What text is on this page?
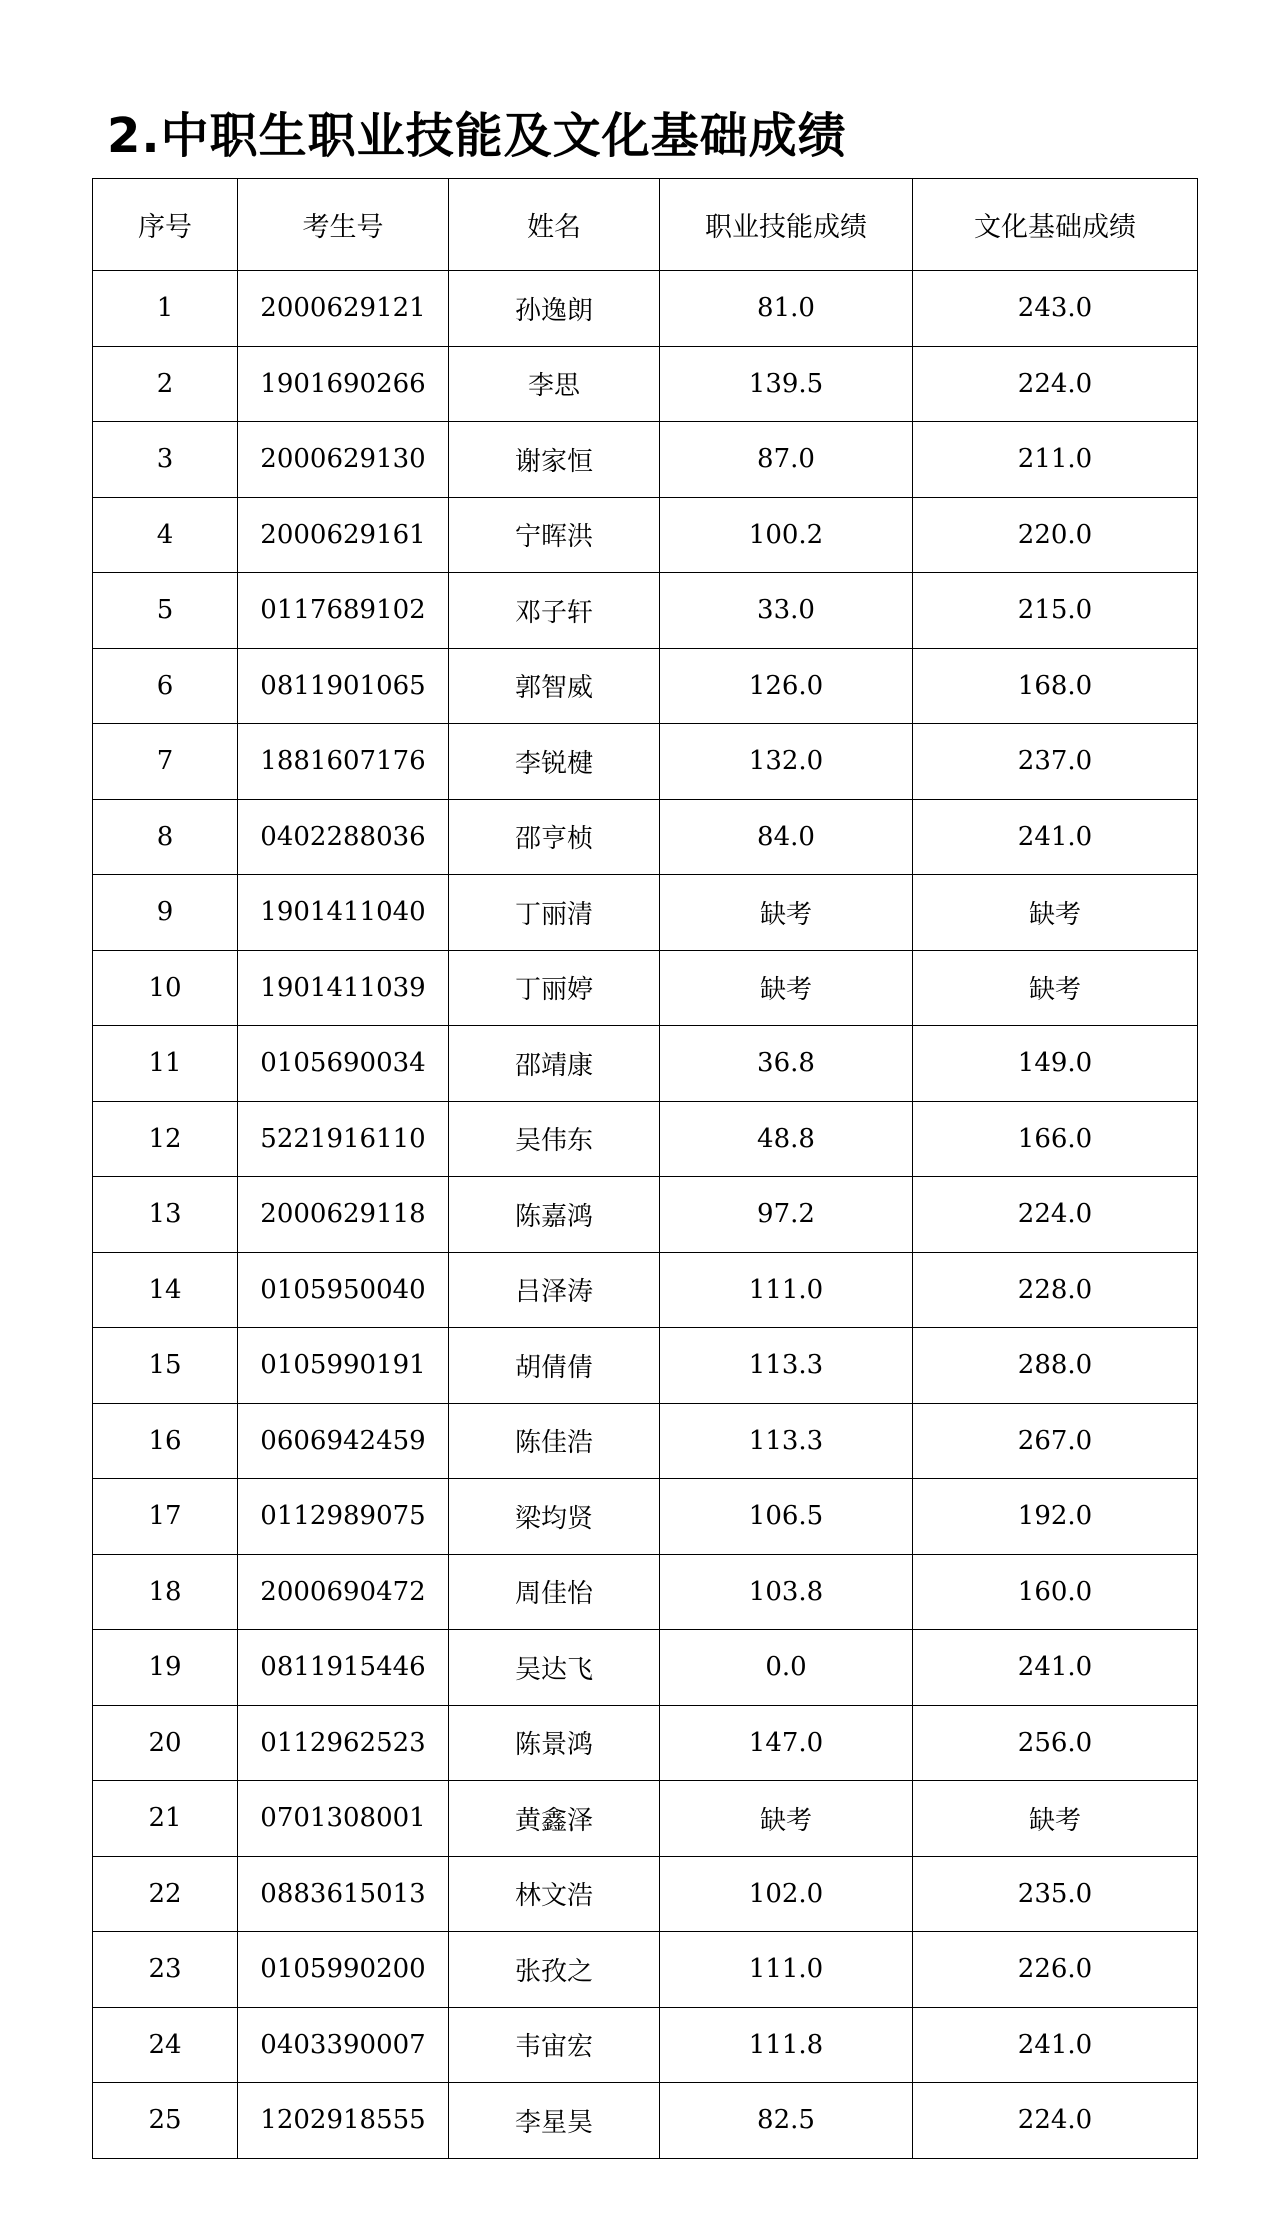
2.中职生职业技能及文化基础成绩
序号	考生号	姓名	职业技能成绩	文化基础成绩
1	2000629121	孙逸朗	81.0	243.0
2	1901690266	李思	139.5	224.0
3	2000629130	谢家恒	87.0	211.0
4	2000629161	宁晖洪	100.2	220.0
5	0117689102	邓子轩	33.0	215.0
6	0811901065	郭智威	126.0	168.0
7	1881607176	李锐楗	132.0	237.0
8	0402288036	邵亨桢	84.0	241.0
9	1901411040	丁丽清	缺考	缺考
10	1901411039	丁丽婷	缺考	缺考
11	0105690034	邵靖康	36.8	149.0
12	5221916110	吴伟东	48.8	166.0
13	2000629118	陈嘉鸿	97.2	224.0
14	0105950040	吕泽涛	111.0	228.0
15	0105990191	胡倩倩	113.3	288.0
16	0606942459	陈佳浩	113.3	267.0
17	0112989075	梁均贤	106.5	192.0
18	2000690472	周佳怡	103.8	160.0
19	0811915446	吴达飞	0.0	241.0
20	0112962523	陈景鸿	147.0	256.0
21	0701308001	黄鑫泽	缺考	缺考
22	0883615013	林文浩	102.0	235.0
23	0105990200	张孜之	111.0	226.0
24	0403390007	韦宙宏	111.8	241.0
25	1202918555	李星昊	82.5	224.0
